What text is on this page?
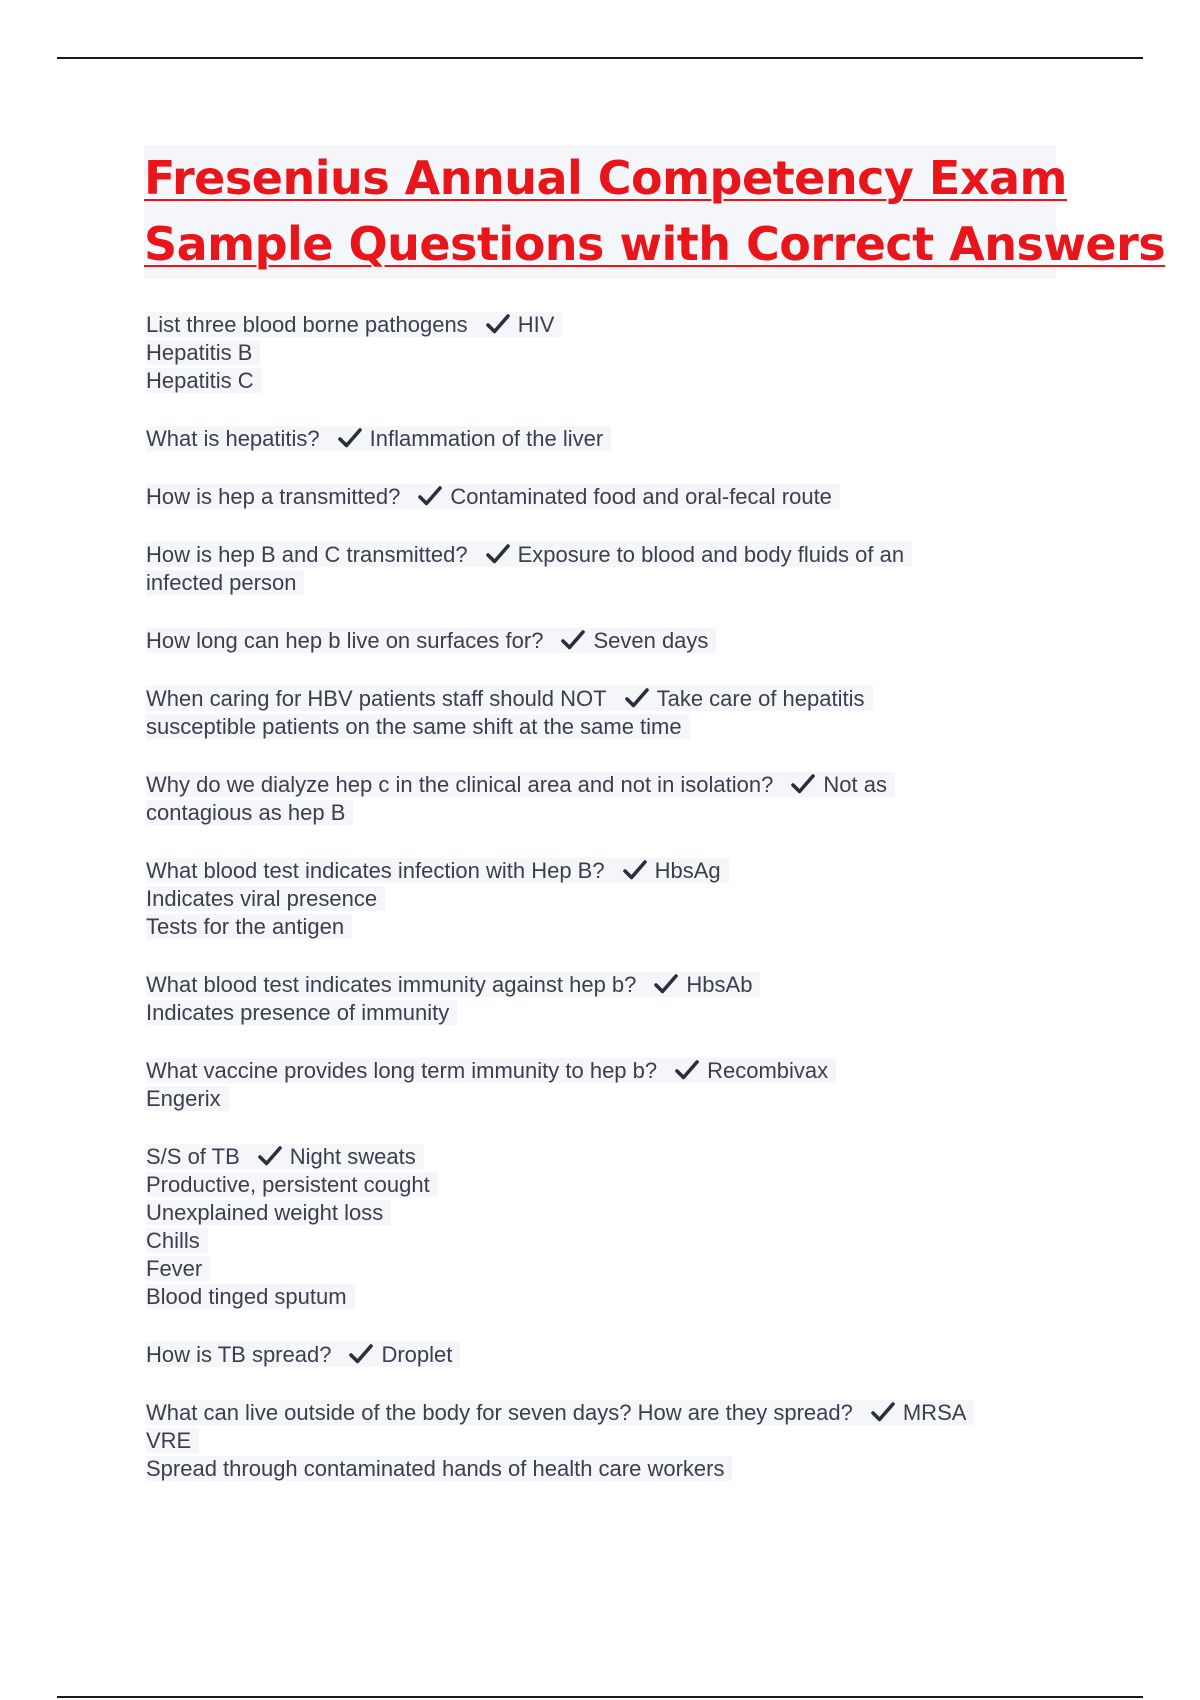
Fresenius Annual Competency Exam
Sample Questions with Correct Answers
List three blood borne pathogens HIV
Hepatitis B
Hepatitis C
What is hepatitis? Inflammation of the liver
How is hep a transmitted? Contaminated food and oral-fecal route
How is hep B and C transmitted? Exposure to blood and body fluids of an
infected person
How long can hep b live on surfaces for? Seven days
When caring for HBV patients staff should NOT Take care of hepatitis
susceptible patients on the same shift at the same time
Why do we dialyze hep c in the clinical area and not in isolation? Not as
contagious as hep B
What blood test indicates infection with Hep B? HbsAg
Indicates viral presence
Tests for the antigen
What blood test indicates immunity against hep b? HbsAb
Indicates presence of immunity
What vaccine provides long term immunity to hep b? Recombivax
Engerix
S/S of TB Night sweats
Productive, persistent cought
Unexplained weight loss
Chills
Fever
Blood tinged sputum
How is TB spread? Droplet
What can live outside of the body for seven days? How are they spread? MRSA
VRE
Spread through contaminated hands of health care workers
